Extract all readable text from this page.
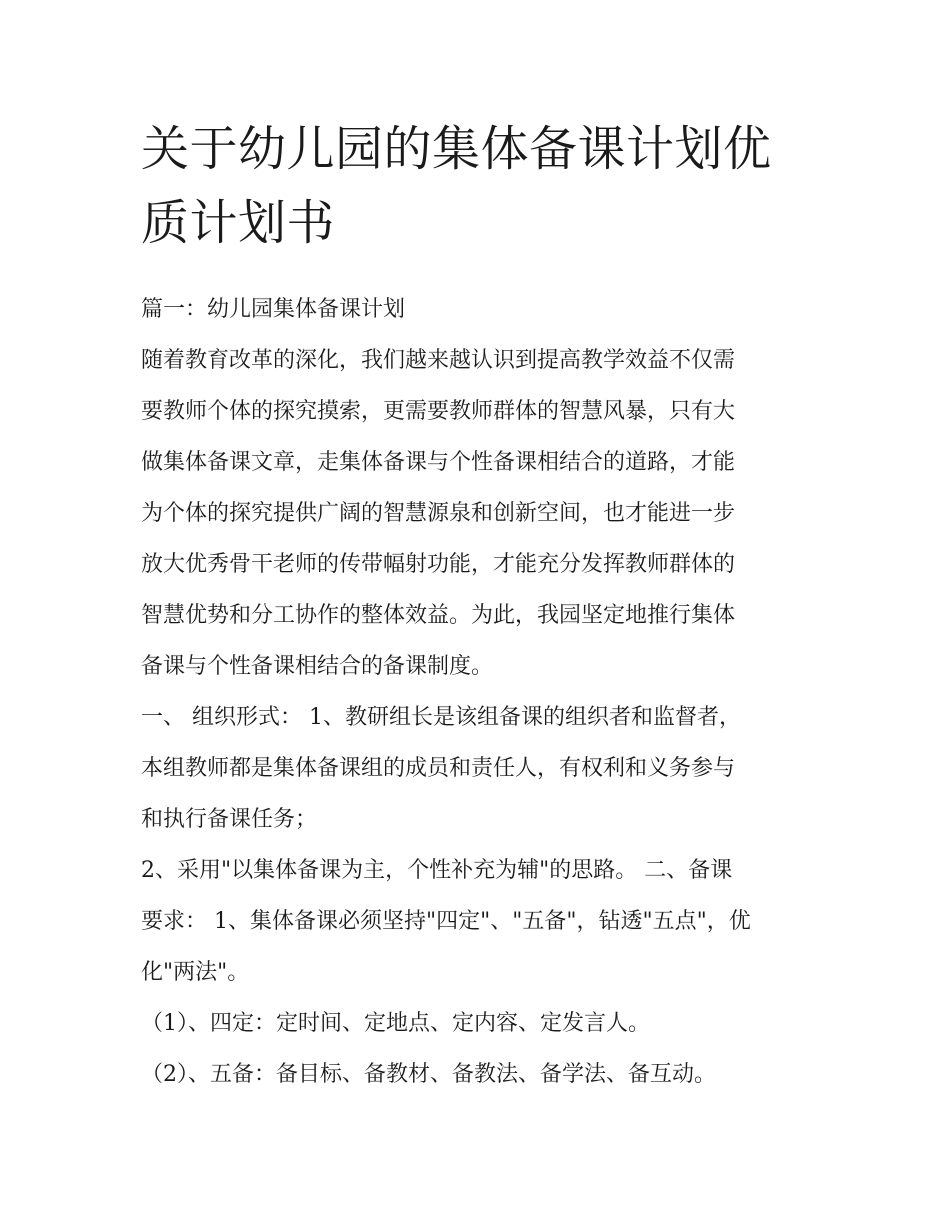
关于幼儿园的集体备课计划优
质计划书

篇一：幼儿园集体备课计划

随着教育改革的深化，我们越来越认识到提高教学效益不仅需

要教师个体的探究摸索，更需要教师群体的智慧风暴，只有大

做集体备课文章，走集体备课与个性备课相结合的道路，才能

为个体的探究提供广阔的智慧源泉和创新空间，也才能进一步

放大优秀骨干老师的传带幅射功能，才能充分发挥教师群体的

智慧优势和分工协作的整体效益。为此，我园坚定地推行集体

备课与个性备课相结合的备课制度。

一、 组织形式： 1、教研组长是该组备课的组织者和监督者，

本组教师都是集体备课组的成员和责任人，有权利和义务参与

和执行备课任务；

2、采用"以集体备课为主，个性补充为辅"的思路。 二、备课

要求： 1、集体备课必须坚持"四定"、"五备"，钻透"五点"，优

化"两法"。

（1）、四定：定时间、定地点、定内容、定发言人。

（2）、五备：备目标、备教材、备教法、备学法、备互动。
